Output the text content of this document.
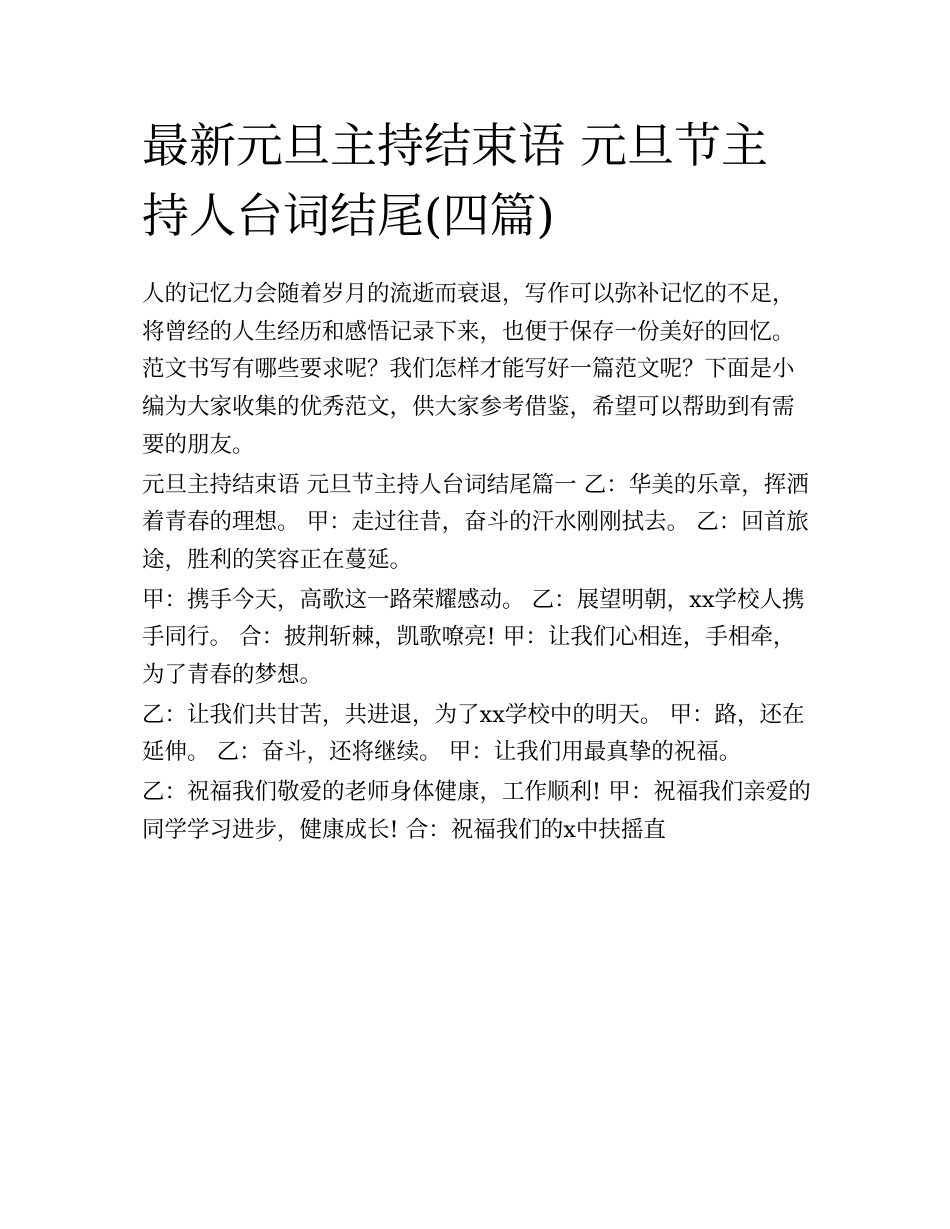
最新元旦主持结束语 元旦节主持人台词结尾(四篇)

人的记忆力会随着岁月的流逝而衰退，写作可以弥补记忆的不足，将曾经的人生经历和感悟记录下来，也便于保存一份美好的回忆。范文书写有哪些要求呢？我们怎样才能写好一篇范文呢？下面是小编为大家收集的优秀范文，供大家参考借鉴，希望可以帮助到有需要的朋友。

元旦主持结束语 元旦节主持人台词结尾篇一 乙：华美的乐章，挥洒着青春的理想。 甲：走过往昔，奋斗的汗水刚刚拭去。 乙：回首旅途，胜利的笑容正在蔓延。

甲：携手今天，高歌这一路荣耀感动。 乙：展望明朝，xx学校人携手同行。 合：披荆斩棘，凯歌嘹亮! 甲：让我们心相连，手相牵，为了青春的梦想。

乙：让我们共甘苦，共进退，为了xx学校中的明天。 甲：路，还在延伸。 乙：奋斗，还将继续。 甲：让我们用最真挚的祝福。

乙：祝福我们敬爱的老师身体健康，工作顺利! 甲：祝福我们亲爱的同学学习进步，健康成长! 合：祝福我们的x中扶摇直
